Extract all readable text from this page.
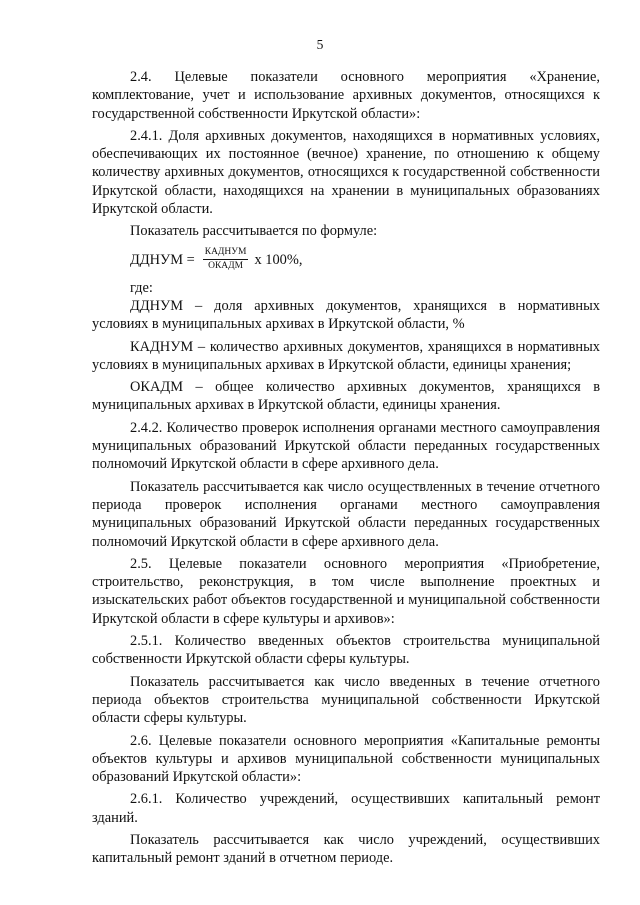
5

2.4. Целевые показатели основного мероприятия «Хранение, комплектование, учет и использование архивных документов, относящихся к государственной собственности Иркутской области»:

2.4.1. Доля архивных документов, находящихся в нормативных условиях, обеспечивающих их постоянное (вечное) хранение, по отношению к общему количеству архивных документов, относящихся к государственной собственности Иркутской области, находящихся на хранении в муниципальных образованиях Иркутской области.

Показатель рассчитывается по формуле:

ДДНУМ = $\frac{\text{КАДНУМ}}{\text{ОКАДМ}}$ x 100%,

где:

ДДНУМ – доля архивных документов, хранящихся в нормативных условиях в муниципальных архивах в Иркутской области, %

КАДНУМ – количество архивных документов, хранящихся в нормативных условиях в муниципальных архивах в Иркутской области, единицы хранения;

ОКАДМ – общее количество архивных документов, хранящихся в муниципальных архивах в Иркутской области, единицы хранения.

2.4.2. Количество проверок исполнения органами местного самоуправления муниципальных образований Иркутской области переданных государственных полномочий Иркутской области в сфере архивного дела.

Показатель рассчитывается как число осуществленных в течение отчетного периода проверок исполнения органами местного самоуправления муниципальных образований Иркутской области переданных государственных полномочий Иркутской области в сфере архивного дела.

2.5. Целевые показатели основного мероприятия «Приобретение, строительство, реконструкция, в том числе выполнение проектных и изыскательских работ объектов государственной и муниципальной собственности Иркутской области в сфере культуры и архивов»:

2.5.1. Количество введенных объектов строительства муниципальной собственности Иркутской области сферы культуры.

Показатель рассчитывается как число введенных в течение отчетного периода объектов строительства муниципальной собственности Иркутской области сферы культуры.

2.6. Целевые показатели основного мероприятия «Капитальные ремонты объектов культуры и архивов муниципальной собственности муниципальных образований Иркутской области»:

2.6.1. Количество учреждений, осуществивших капитальный ремонт зданий.

Показатель рассчитывается как число учреждений, осуществивших капитальный ремонт зданий в отчетном периоде.
